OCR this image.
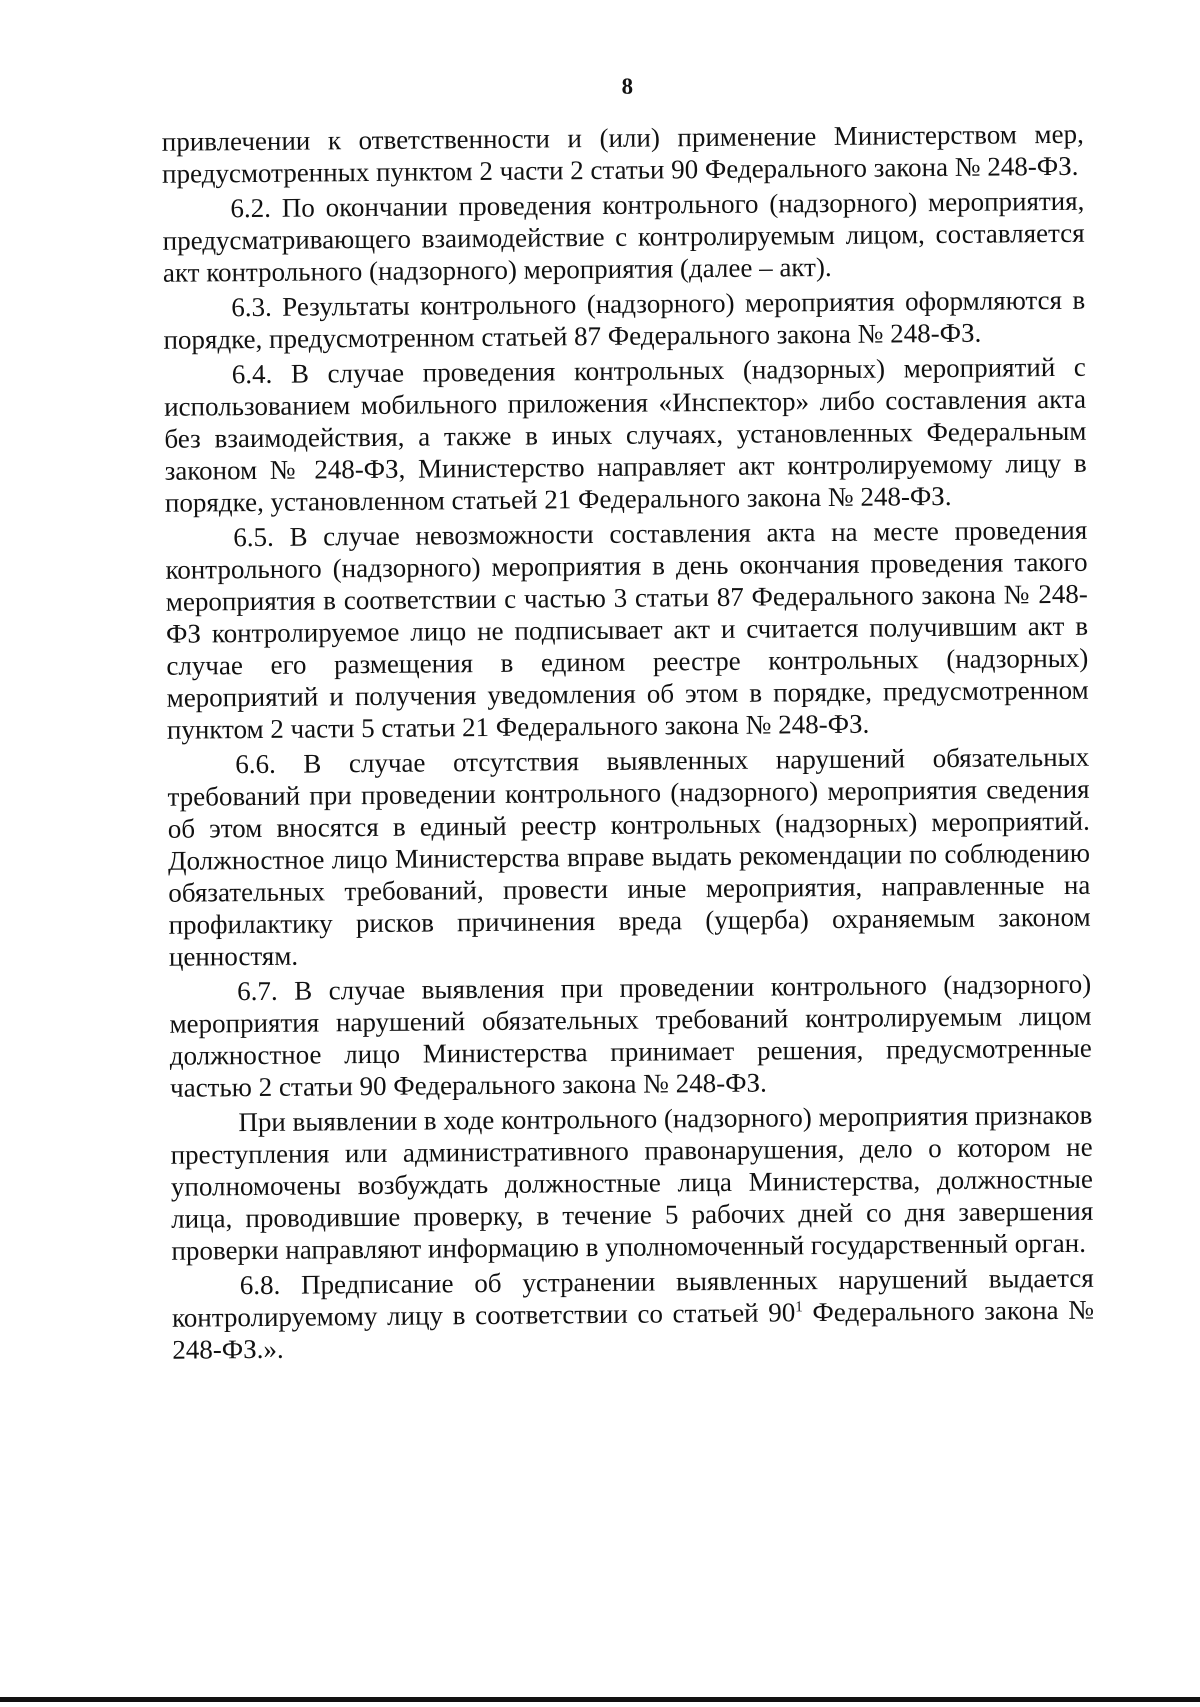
8

привлечении к ответственности и (или) применение Министерством мер, предусмотренных пунктом 2 части 2 статьи 90 Федерального закона № 248-ФЗ.

6.2. По окончании проведения контрольного (надзорного) мероприятия, предусматривающего взаимодействие с контролируемым лицом, составляется акт контрольного (надзорного) мероприятия (далее – акт).

6.3. Результаты контрольного (надзорного) мероприятия оформляются в порядке, предусмотренном статьей 87 Федерального закона № 248-ФЗ.

6.4. В случае проведения контрольных (надзорных) мероприятий с использованием мобильного приложения «Инспектор» либо составления акта без взаимодействия, а также в иных случаях, установленных Федеральным законом № 248-ФЗ, Министерство направляет акт контролируемому лицу в порядке, установленном статьей 21 Федерального закона № 248-ФЗ.

6.5. В случае невозможности составления акта на месте проведения контрольного (надзорного) мероприятия в день окончания проведения такого мероприятия в соответствии с частью 3 статьи 87 Федерального закона № 248-ФЗ контролируемое лицо не подписывает акт и считается получившим акт в случае его размещения в едином реестре контрольных (надзорных) мероприятий и получения уведомления об этом в порядке, предусмотренном пунктом 2 части 5 статьи 21 Федерального закона № 248-ФЗ.

6.6. В случае отсутствия выявленных нарушений обязательных требований при проведении контрольного (надзорного) мероприятия сведения об этом вносятся в единый реестр контрольных (надзорных) мероприятий. Должностное лицо Министерства вправе выдать рекомендации по соблюдению обязательных требований, провести иные мероприятия, направленные на профилактику рисков причинения вреда (ущерба) охраняемым законом ценностям.

6.7. В случае выявления при проведении контрольного (надзорного) мероприятия нарушений обязательных требований контролируемым лицом должностное лицо Министерства принимает решения, предусмотренные частью 2 статьи 90 Федерального закона № 248-ФЗ.

При выявлении в ходе контрольного (надзорного) мероприятия признаков преступления или административного правонарушения, дело о котором не уполномочены возбуждать должностные лица Министерства, должностные лица, проводившие проверку, в течение 5 рабочих дней со дня завершения проверки направляют информацию в уполномоченный государственный орган.

6.8. Предписание об устранении выявленных нарушений выдается контролируемому лицу в соответствии со статьей $90^1$ Федерального закона № 248-ФЗ.».
